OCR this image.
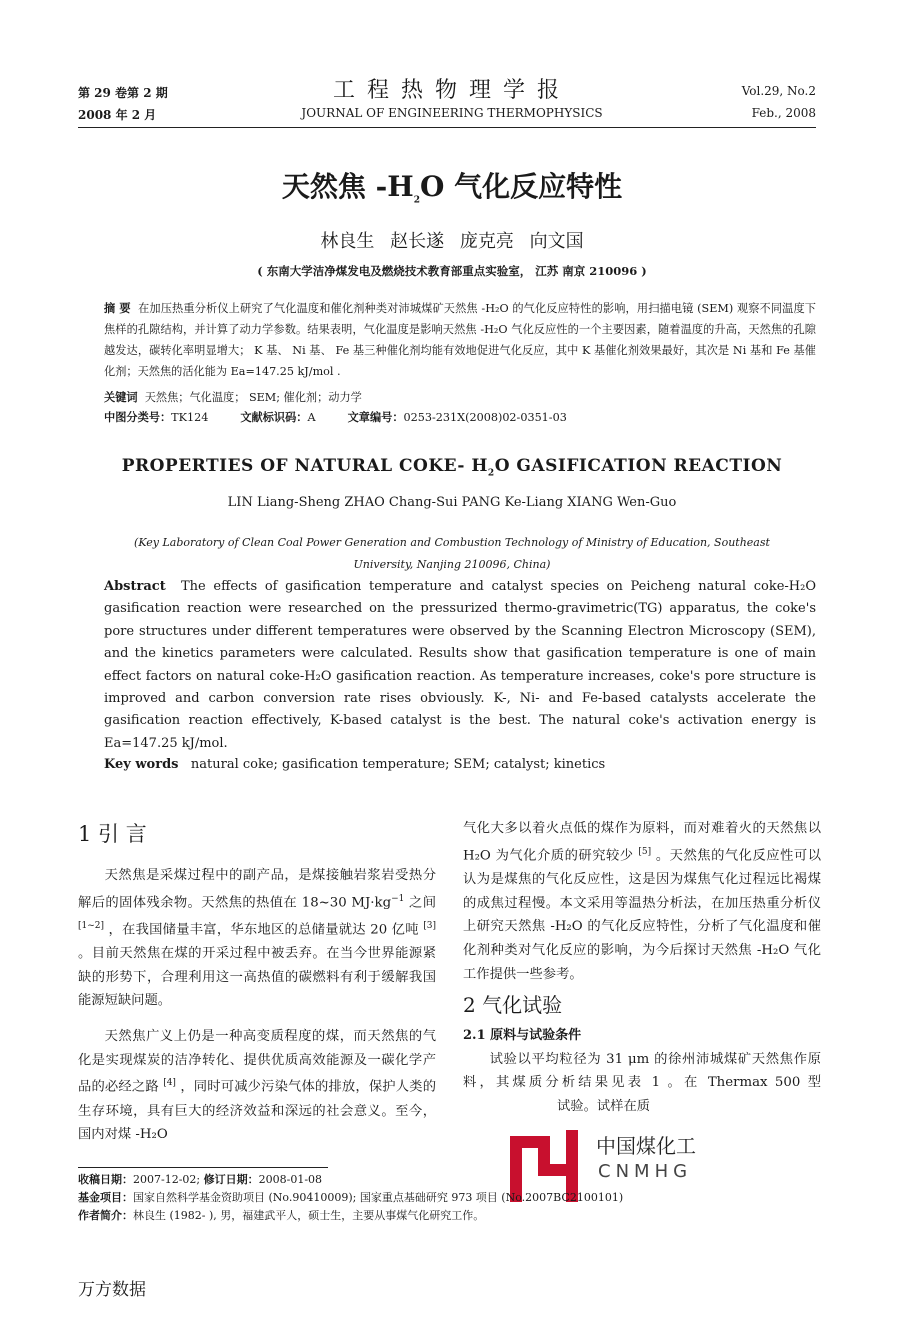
第 29 卷第 2 期
2008 年 2 月
工程热物理学报
JOURNAL OF ENGINEERING THERMOPHYSICS
Vol.29, No.2
Feb., 2008
天然焦 $-H_2O$ 气化反应特性
林良生 赵长遂 庞克亮 向文国
( 东南大学洁净煤发电及燃烧技术教育部重点实验室， 江苏 南京 210096 )
摘 要 在加压热重分析仪上研究了气化温度和催化剂种类对沛城煤矿天然焦 -H₂O 的气化反应特性的影响，用扫描电镜 (SEM) 观察不同温度下焦样的孔隙结构，并计算了动力学参数。结果表明，气化温度是影响天然焦 -H₂O 气化反应性的一个主要因素，随着温度的升高，天然焦的孔隙越发达，碳转化率明显增大； K 基、 Ni 基、 Fe 基三种催化剂均能有效地促进气化反应，其中 K 基催化剂效果最好，其次是 Ni 基和 Fe 基催化剂；天然焦的活化能为 Ea=147.25 kJ/mol .
关键词 天然焦；气化温度； SEM; 催化剂；动力学
中图分类号：TK124	文献标识码：A	文章编号：0253-231X(2008)02-0351-03
PROPERTIES OF NATURAL COKE- $H_2O$ GASIFICATION REACTION
LIN Liang-Sheng ZHAO Chang-Sui PANG Ke-Liang XIANG Wen-Guo
(Key Laboratory of Clean Coal Power Generation and Combustion Technology of Ministry of Education, Southeast
University, Nanjing 210096, China)
Abstract The effects of gasification temperature and catalyst species on Peicheng natural coke-H₂O gasification reaction were researched on the pressurized thermo-gravimetric(TG) apparatus, the coke's pore structures under different temperatures were observed by the Scanning Electron Microscopy (SEM), and the kinetics parameters were calculated. Results show that gasification temperature is one of main effect factors on natural coke-H₂O gasification reaction. As temperature increases, coke's pore structure is improved and carbon conversion rate rises obviously. K-, Ni- and Fe-based catalysts accelerate the gasification reaction effectively, K-based catalyst is the best. The natural coke's activation energy is Ea=147.25 kJ/mol.
Key words natural coke; gasification temperature; SEM; catalyst; kinetics
1 引 言

天然焦是采煤过程中的副产品，是煤接触岩浆岩受热分解后的固体残余物。天然焦的热值在 18~30 $MJ\cdot kg^{-1}$ 之间 [1~2] ，在我国储量丰富，华东地区的总储量就达 20 亿吨 [3] 。目前天然焦在煤的开采过程中被丢弃。在当今世界能源紧缺的形势下，合理利用这一高热值的碳燃料有利于缓解我国能源短缺问题。

天然焦广义上仍是一种高变质程度的煤，而天然焦的气化是实现煤炭的洁净转化、提供优质高效能源及一碳化学产品的必经之路 [4] ，同时可减少污染气体的排放，保护人类的生存环境，具有巨大的经济效益和深远的社会意义。至今，国内对煤 -H₂O

气化大多以着火点低的煤作为原料，而对难着火的天然焦以 H₂O 为气化介质的研究较少 [5] 。天然焦的气化反应性可以认为是煤焦的气化反应性，这是因为煤焦气化过程远比褐煤的成焦过程慢。本文采用等温热分析法，在加压热重分析仪上研究天然焦 -H₂O 的气化反应特性，分析了气化温度和催化剂种类对气化反应的影响，为今后探讨天然焦 -H₂O 气化工作提供一些参考。

2 气化试验
2.1 原料与试验条件

试验以平均粒径为 31 μm 的徐州沛城煤矿天然焦作原料，其煤质分析结果见表 1 。在 Thermax 500 型试验。试样在质

中国煤化工
CNMHG
收稿日期：2007-12-02; 修订日期：2008-01-08
基金项目：国家自然科学基金资助项目 (No.90410009); 国家重点基础研究 973 项目 (No.2007BC2100101)
作者简介：林良生 (1982- ), 男，福建武平人，硕士生，主要从事煤气化研究工作。
万方数据
